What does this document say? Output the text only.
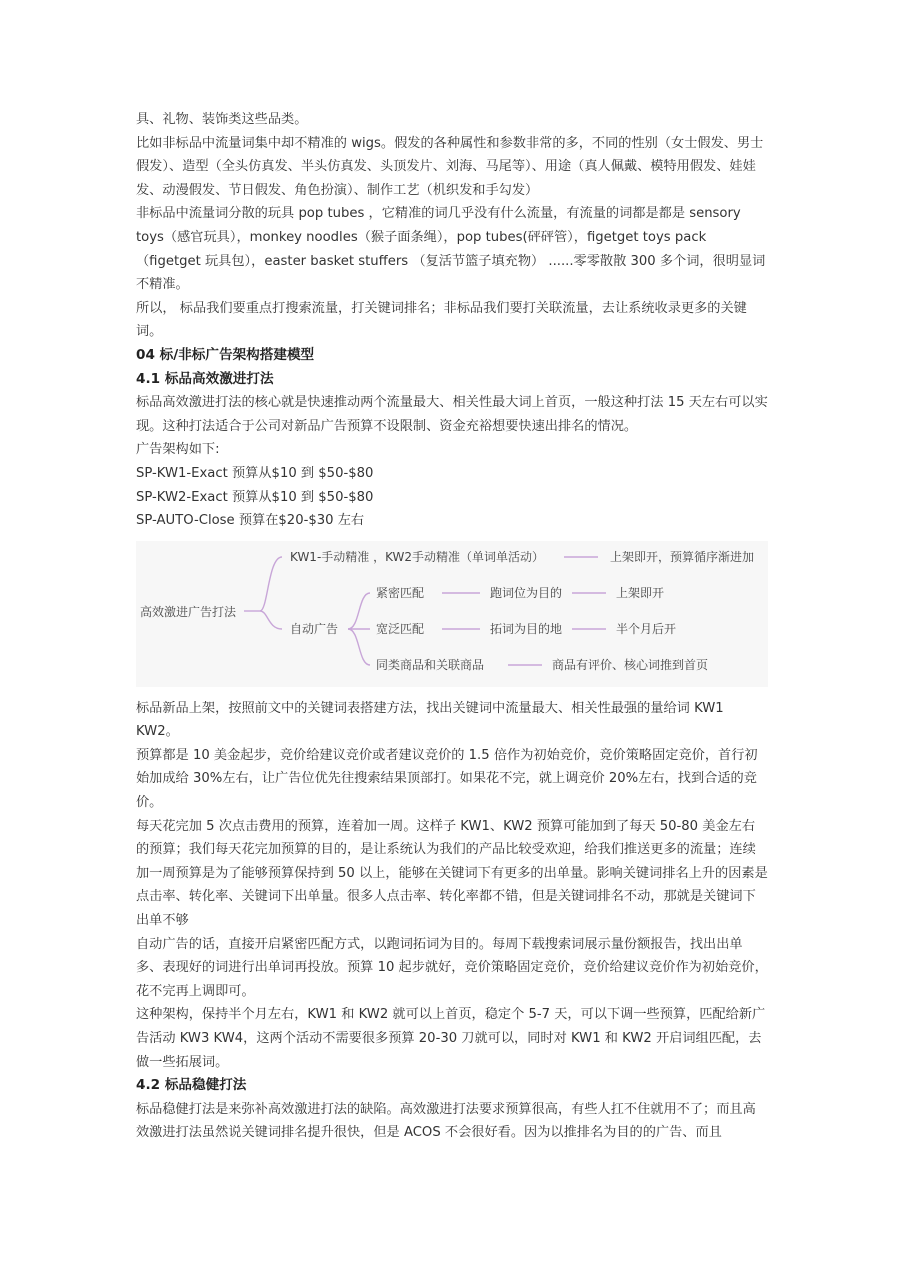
具、礼物、装饰类这些品类。

比如非标品中流量词集中却不精准的 wigs。假发的各种属性和参数非常的多，不同的性别（女士假发、男士假发）、造型（全头仿真发、半头仿真发、头顶发片、刘海、马尾等）、用途（真人佩戴、模特用假发、娃娃发、动漫假发、节日假发、角色扮演）、制作工艺（机织发和手勾发）

非标品中流量词分散的玩具 pop tubes ，它精准的词几乎没有什么流量，有流量的词都是都是 sensory toys（感官玩具），monkey noodles（猴子面条绳），pop tubes(砰砰管），figetget toys pack （figetget 玩具包），easter basket stuffers （复活节篮子填充物） ......零零散散 300 多个词，很明显词不精准。

所以， 标品我们要重点打搜索流量，打关键词排名；非标品我们要打关联流量，去让系统收录更多的关键词。

04 标/非标广告架构搭建模型
4.1 标品高效激进打法

标品高效激进打法的核心就是快速推动两个流量最大、相关性最大词上首页，一般这种打法 15 天左右可以实现。这种打法适合于公司对新品广告预算不设限制、资金充裕想要快速出排名的情况。

广告架构如下:

SP-KW1-Exact 预算从$10 到 $50-$80

SP-KW2-Exact 预算从$10 到 $50-$80

SP-AUTO-Close 预算在$20-$30 左右

高效激进广告打法
KW1-手动精准 ，KW2手动精准（单词单活动）	上架即开，预算循序渐进加
自动广告
紧密匹配	跑词位为目的	上架即开
宽泛匹配	拓词为目的地	半个月后开
同类商品和关联商品	商品有评价、核心词推到首页

标品新品上架，按照前文中的关键词表搭建方法，找出关键词中流量最大、相关性最强的量给词 KW1 KW2。

预算都是 10 美金起步，竞价给建议竞价或者建议竞价的 1.5 倍作为初始竞价，竞价策略固定竞价，首行初始加成给 30%左右，让广告位优先往搜索结果顶部打。如果花不完，就上调竞价 20%左右，找到合适的竞价。

每天花完加 5 次点击费用的预算，连着加一周。这样子 KW1、KW2 预算可能加到了每天 50-80 美金左右的预算；我们每天花完加预算的目的，是让系统认为我们的产品比较受欢迎，给我们推送更多的流量；连续加一周预算是为了能够预算保持到 50 以上，能够在关键词下有更多的出单量。影响关键词排名上升的因素是点击率、转化率、关键词下出单量。很多人点击率、转化率都不错，但是关键词排名不动，那就是关键词下出单不够

自动广告的话，直接开启紧密匹配方式，以跑词拓词为目的。每周下载搜索词展示量份额报告，找出出单多、表现好的词进行出单词再投放。预算 10 起步就好，竞价策略固定竞价，竞价给建议竞价作为初始竞价，花不完再上调即可。

这种架构，保持半个月左右，KW1 和 KW2 就可以上首页，稳定个 5-7 天，可以下调一些预算，匹配给新广告活动 KW3 KW4，这两个活动不需要很多预算 20-30 刀就可以，同时对 KW1 和 KW2 开启词组匹配，去做一些拓展词。

4.2 标品稳健打法

标品稳健打法是来弥补高效激进打法的缺陷。高效激进打法要求预算很高，有些人扛不住就用不了；而且高效激进打法虽然说关键词排名提升很快，但是 ACOS 不会很好看。因为以推排名为目的的广告、而且
